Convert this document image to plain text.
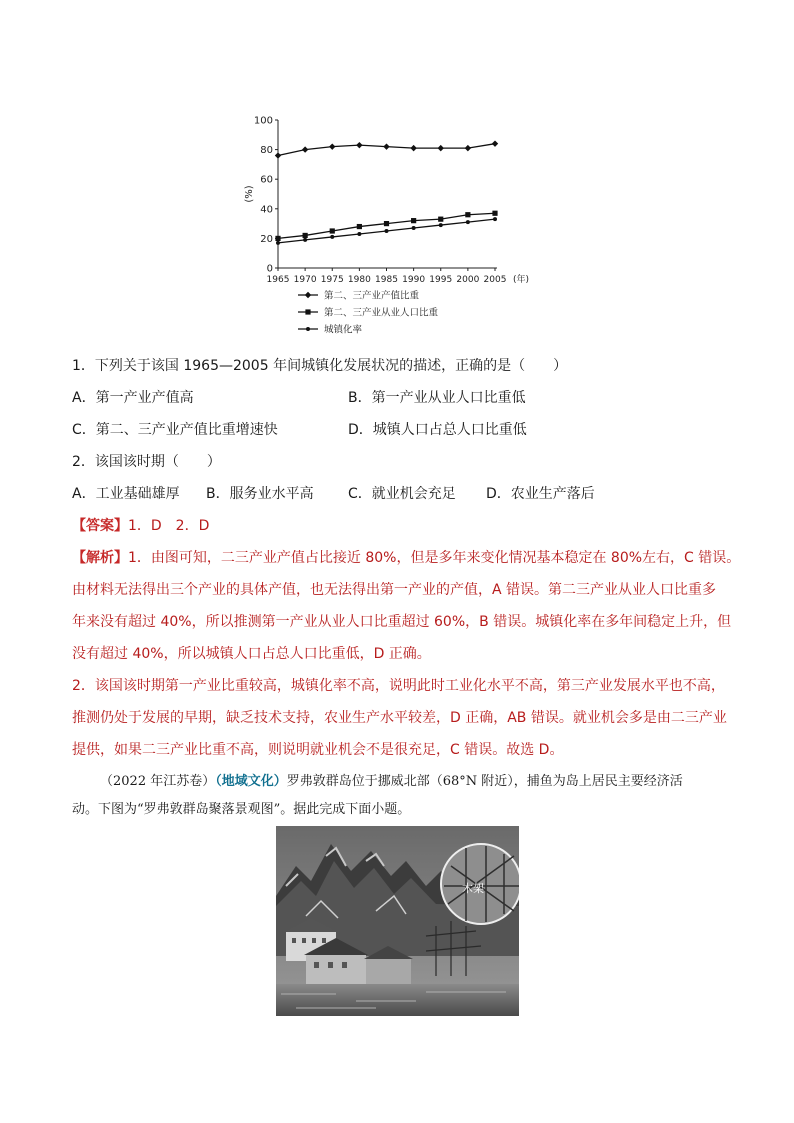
0
20
40
60
80
100
(%)
1965 1970 1975 1980 1985 1990 1995 2000 2005 (年)
第二、三产业产值比重
第二、三产业从业人口比重
城镇化率
1．下列关于该国 1965—2005 年间城镇化发展状况的描述，正确的是（　　）
A．第一产业产值高	B．第一产业从业人口比重低
C．第二、三产业产值比重增速快	D．城镇人口占总人口比重低
2．该国该时期（　　）
A．工业基础雄厚 B．服务业水平高 C．就业机会充足 D．农业生产落后
【答案】1．D　2．D
【解析】1．由图可知，二三产业产值占比接近 80%，但是多年来变化情况基本稳定在 80%左右，C 错误。
由材料无法得出三个产业的具体产值，也无法得出第一产业的产值，A 错误。第二三产业从业人口比重多
年来没有超过 40%，所以推测第一产业从业人口比重超过 60%，B 错误。城镇化率在多年间稳定上升，但
没有超过 40%，所以城镇人口占总人口比重低，D 正确。
2．该国该时期第一产业比重较高，城镇化率不高，说明此时工业化水平不高，第三产业发展水平也不高，
推测仍处于发展的早期，缺乏技术支持，农业生产水平较差，D 正确，AB 错误。就业机会多是由二三产业
提供，如果二三产业比重不高，则说明就业机会不是很充足，C 错误。故选 D。
（2022 年江苏卷）（地域文化）罗弗敦群岛位于挪威北部（68°N 附近），捕鱼为岛上居民主要经济活
动。下图为“罗弗敦群岛聚落景观图”。据此完成下面小题。
木架
